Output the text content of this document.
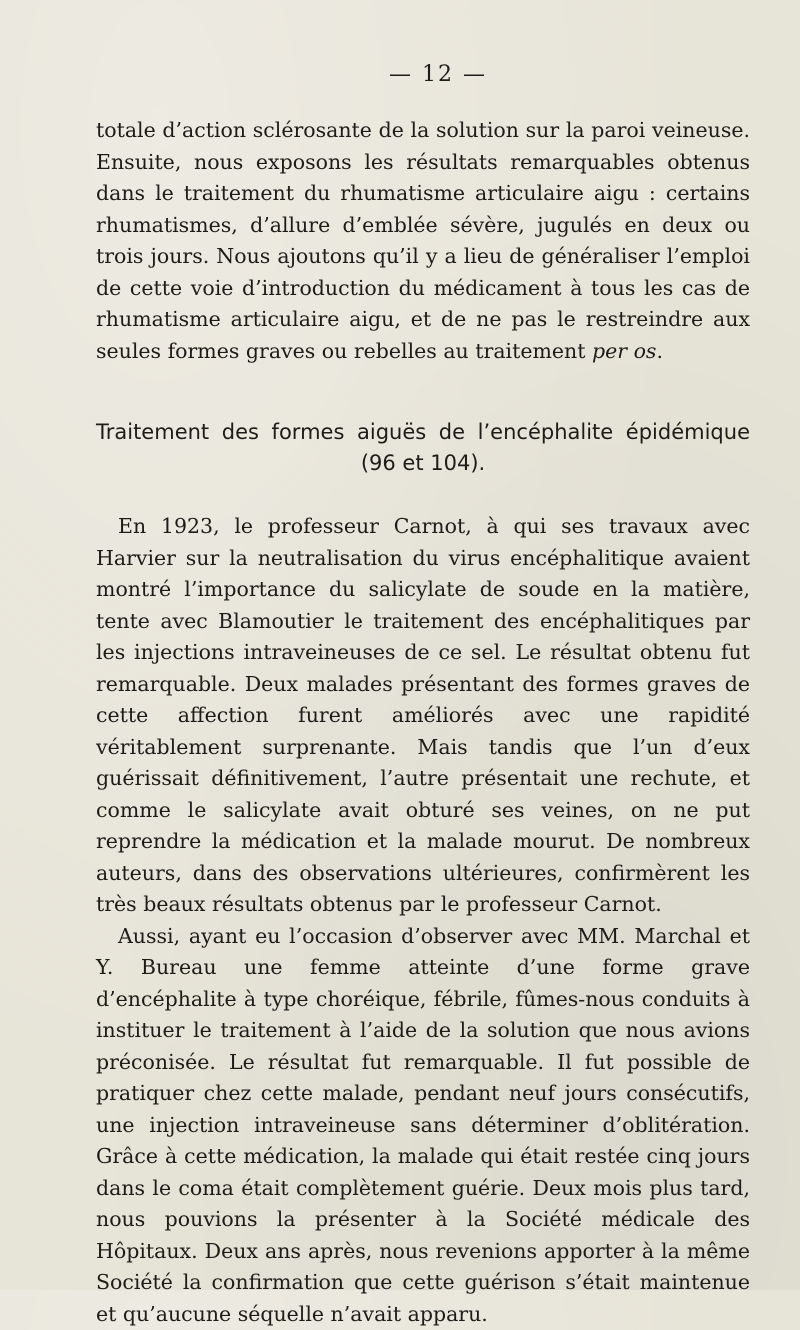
— 12 —

totale d’action sclérosante de la solution sur la paroi veineuse. Ensuite, nous exposons les résultats remarquables obtenus dans le traitement du rhumatisme articulaire aigu : certains rhumatismes, d’allure d’emblée sévère, jugulés en deux ou trois jours. Nous ajoutons qu’il y a lieu de généraliser l’emploi de cette voie d’introduction du médicament à tous les cas de rhumatisme articulaire aigu, et de ne pas le restreindre aux seules formes graves ou rebelles au traitement per os.

Traitement des formes aiguës de l’encéphalite épidémique
(96 et 104).

En 1923, le professeur Carnot, à qui ses travaux avec Harvier sur la neutralisation du virus encéphalitique avaient montré l’importance du salicylate de soude en la matière, tente avec Blamoutier le traitement des encéphalitiques par les injections intraveineuses de ce sel. Le résultat obtenu fut remarquable. Deux malades présentant des formes graves de cette affection furent améliorés avec une rapidité véritablement surprenante. Mais tandis que l’un d’eux guérissait définitivement, l’autre présentait une rechute, et comme le salicylate avait obturé ses veines, on ne put reprendre la médication et la malade mourut. De nombreux auteurs, dans des observations ultérieures, confirmèrent les très beaux résultats obtenus par le professeur Carnot.

Aussi, ayant eu l’occasion d’observer avec MM. Marchal et Y. Bureau une femme atteinte d’une forme grave d’encéphalite à type choréique, fébrile, fûmes-nous conduits à instituer le traitement à l’aide de la solution que nous avions préconisée. Le résultat fut remarquable. Il fut possible de pratiquer chez cette malade, pendant neuf jours consécutifs, une injection intraveineuse sans déterminer d’oblitération. Grâce à cette médication, la malade qui était restée cinq jours dans le coma était complètement guérie. Deux mois plus tard, nous pouvions la présenter à la Société médicale des Hôpitaux. Deux ans après, nous revenions apporter à la même Société la confirmation que cette guérison s’était maintenue et qu’aucune séquelle n’avait apparu.
